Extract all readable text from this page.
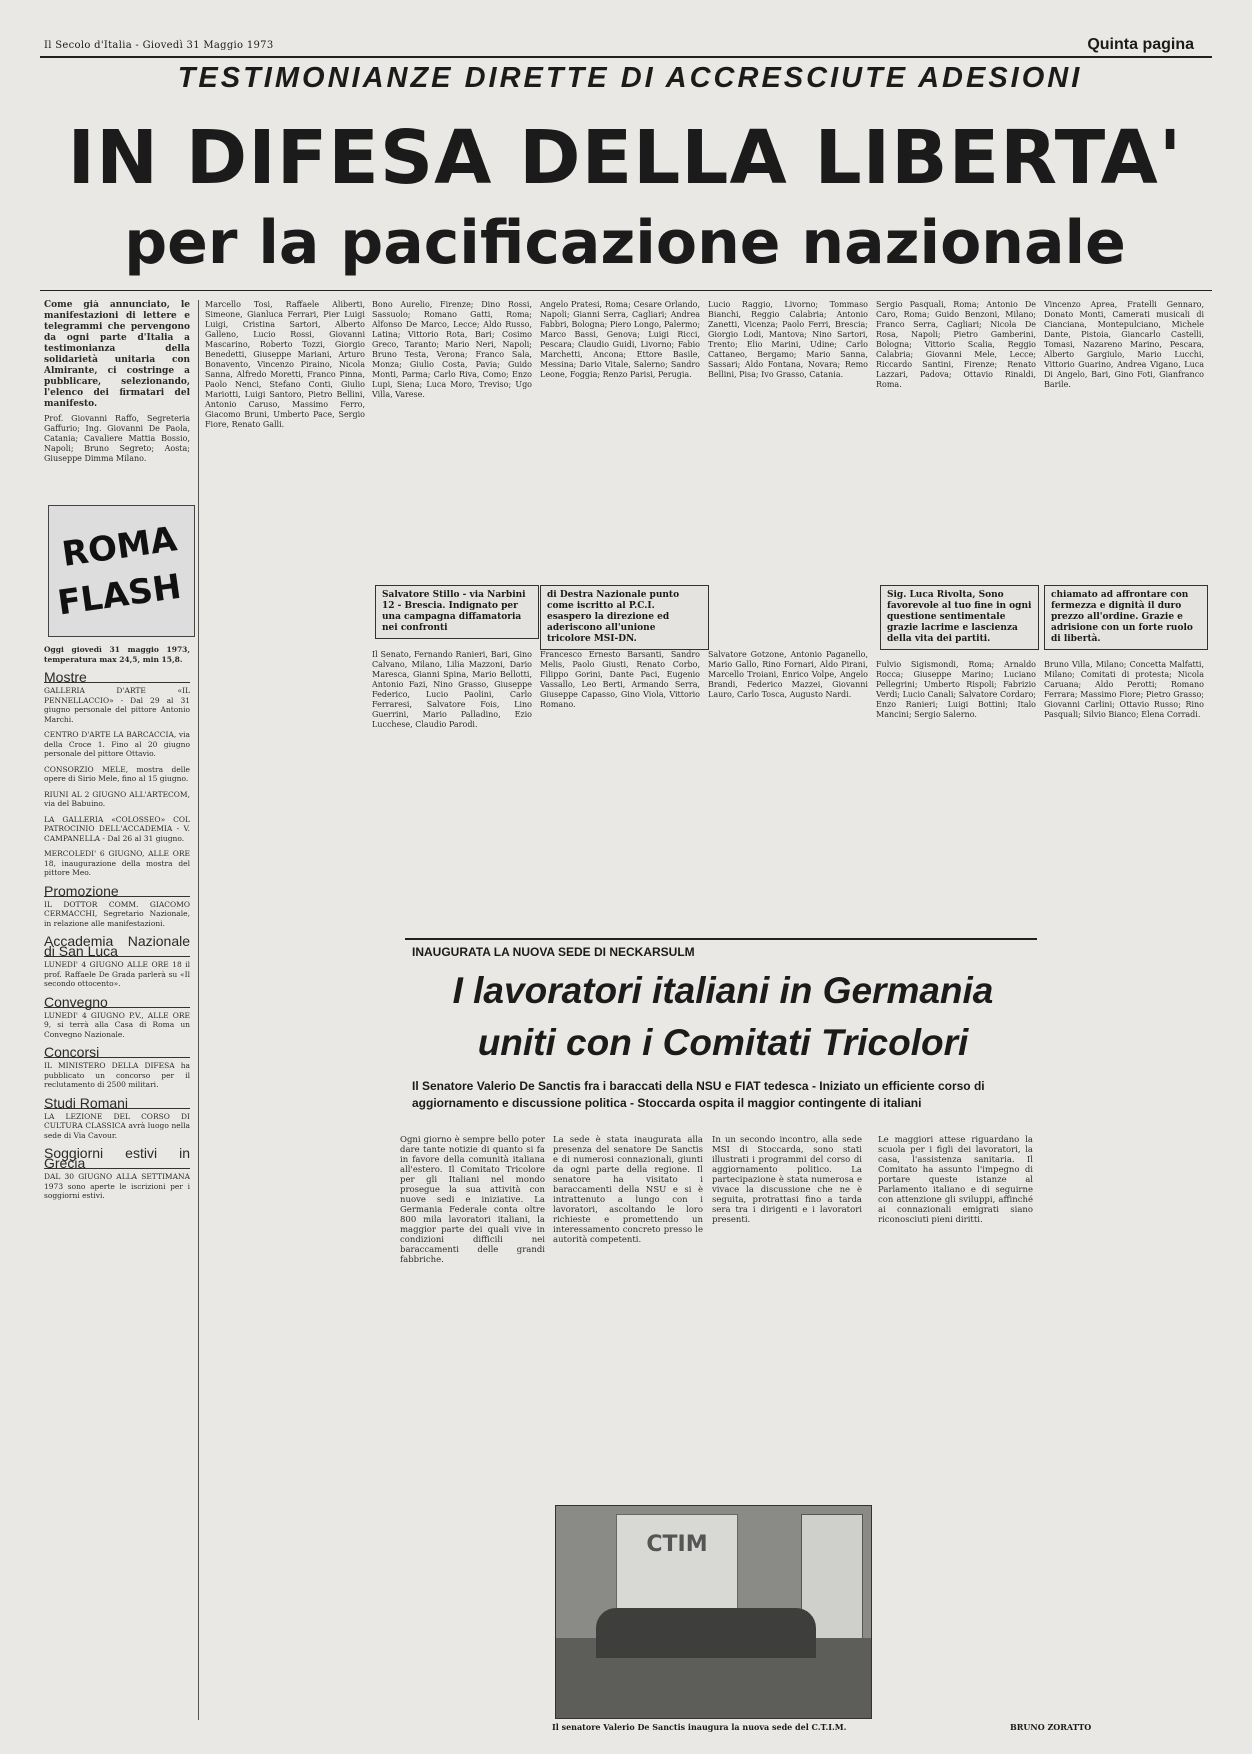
Il Secolo d'Italia - Giovedì 31 Maggio 1973	Quinta pagina
TESTIMONIANZE DIRETTE DI ACCRESCIUTE ADESIONI
IN DIFESA DELLA LIBERTA'
per la pacificazione nazionale

Come già annunciato, le manifestazioni di lettere e telegrammi che pervengono da ogni parte d'Italia a testimonianza della solidarietà unitaria con Almirante, ci costringe a pubblicare, selezionando, l'elenco dei firmatari del manifesto.

Prof. Giovanni Raffo, Segreteria Gaffurio; Ing. Giovanni De Paola, Catania; Cavaliere Mattia Bossio, Napoli; Bruno Segreto; Aosta; Giuseppe Dimma Milano.

ROMA
FLASH

Oggi giovedì 31 maggio 1973, temperatura max 24,5, min 15,8.

Mostre

GALLERIA D'ARTE «IL PENNELLACCIO» - Dal 29 al 31 giugno personale del pittore Antonio Marchi.

CENTRO D'ARTE LA BARCACCIA, via della Croce 1. Fino al 20 giugno personale del pittore Ottavio.

CONSORZIO MELE, mostra delle opere di Sirio Mele, fino al 15 giugno.

RIUNI AL 2 GIUGNO ALL'ARTECOM, via del Babuino.

LA GALLERIA «COLOSSEO» COL PATROCINIO DELL'ACCADEMIA - V. CAMPANELLA - Dal 26 al 31 giugno.

MERCOLEDI' 6 GIUGNO, ALLE ORE 18, inaugurazione della mostra del pittore Meo.

Promozione

IL DOTTOR COMM. GIACOMO CERMACCHI, Segretario Nazionale, in relazione alle manifestazioni.

Accademia Nazionale di San Luca

LUNEDI' 4 GIUGNO ALLE ORE 18 il prof. Raffaele De Grada parlerà su «Il secondo ottocento».

Convegno

LUNEDI' 4 GIUGNO P.V., ALLE ORE 9, si terrà alla Casa di Roma un Convegno Nazionale.

Concorsi

IL MINISTERO DELLA DIFESA ha pubblicato un concorso per il reclutamento di 2500 militari.

Studi Romani

LA LEZIONE DEL CORSO DI CULTURA CLASSICA avrà luogo nella sede di Via Cavour.

Soggiorni estivi in Grecia

DAL 30 GIUGNO ALLA SETTIMANA 1973 sono aperte le iscrizioni per i soggiorni estivi.

Marcello Tosi, Raffaele Aliberti, Simeone, Gianluca Ferrari, Pier Luigi Luigi, Cristina Sartori, Alberto Galleno, Lucio Rossi, Giovanni Mascarino, Roberto Tozzi, Giorgio Benedetti, Giuseppe Mariani, Arturo Bonavento, Vincenzo Piraino, Nicola Sanna, Alfredo Moretti, Franco Pinna, Paolo Nenci, Stefano Conti, Giulio Mariotti, Luigi Santoro, Pietro Bellini, Antonio Caruso, Massimo Ferro, Giacomo Bruni, Umberto Pace, Sergio Fiore, Renato Galli.
Bono Aurelio, Firenze; Dino Rossi, Sassuolo; Romano Gatti, Roma; Alfonso De Marco, Lecce; Aldo Russo, Latina; Vittorio Rota, Bari; Cosimo Greco, Taranto; Mario Neri, Napoli; Bruno Testa, Verona; Franco Sala, Monza; Giulio Costa, Pavia; Guido Monti, Parma; Carlo Riva, Como; Enzo Lupi, Siena; Luca Moro, Treviso; Ugo Villa, Varese.
Angelo Pratesi, Roma; Cesare Orlando, Napoli; Gianni Serra, Cagliari; Andrea Fabbri, Bologna; Piero Longo, Palermo; Marco Bassi, Genova; Luigi Ricci, Pescara; Claudio Guidi, Livorno; Fabio Marchetti, Ancona; Ettore Basile, Messina; Dario Vitale, Salerno; Sandro Leone, Foggia; Renzo Parisi, Perugia.
Lucio Raggio, Livorno; Tommaso Bianchi, Reggio Calabria; Antonio Zanetti, Vicenza; Paolo Ferri, Brescia; Giorgio Lodi, Mantova; Nino Sartori, Trento; Elio Marini, Udine; Carlo Cattaneo, Bergamo; Mario Sanna, Sassari; Aldo Fontana, Novara; Remo Bellini, Pisa; Ivo Grasso, Catania.
Sergio Pasquali, Roma; Antonio De Caro, Roma; Guido Benzoni, Milano; Franco Serra, Cagliari; Nicola De Rosa, Napoli; Pietro Gamberini, Bologna; Vittorio Scalia, Reggio Calabria; Giovanni Mele, Lecce; Riccardo Santini, Firenze; Renato Lazzari, Padova; Ottavio Rinaldi, Roma.
Vincenzo Aprea, Fratelli Gennaro, Donato Monti, Camerati musicali di Cianciana, Montepulciano, Michele Dante, Pistoia, Giancarlo Castelli, Tomasi, Nazareno Marino, Pescara, Alberto Gargiulo, Mario Lucchi, Vittorio Guarino, Andrea Vigano, Luca Di Angelo, Bari, Gino Foti, Gianfranco Barile.
Salvatore Stillo - via Narbini 12 - Brescia. Indignato per una campagna diffamatoria nei confronti
di Destra Nazionale punto come iscritto al P.C.I. esaspero la direzione ed aderiscono all'unione tricolore MSI-DN.
Sig. Luca Rivolta, Sono favorevole al tuo fine in ogni questione sentimentale grazie lacrime e lascienza della vita dei partiti.
chiamato ad affrontare con fermezza e dignità il duro prezzo all'ordine. Grazie e adrisione con un forte ruolo di libertà.
Il Senato, Fernando Ranieri, Bari, Gino Calvano, Milano, Lilia Mazzoni, Dario Maresca, Gianni Spina, Mario Bellotti, Antonio Fazi, Nino Grasso, Giuseppe Federico, Lucio Paolini, Carlo Ferraresi, Salvatore Fois, Lino Guerrini, Mario Palladino, Ezio Lucchese, Claudio Parodi.
Francesco Ernesto Barsanti, Sandro Melis, Paolo Giusti, Renato Corbo, Filippo Gorini, Dante Paci, Eugenio Vassallo, Leo Berti, Armando Serra, Giuseppe Capasso, Gino Viola, Vittorio Romano.
Salvatore Gotzone, Antonio Paganello, Mario Gallo, Rino Fornari, Aldo Pirani, Marcello Troiani, Enrico Volpe, Angelo Brandi, Federico Mazzei, Giovanni Lauro, Carlo Tosca, Augusto Nardi.
Fulvio Sigismondi, Roma; Arnaldo Rocca; Giuseppe Marino; Luciano Pellegrini; Umberto Rispoli; Fabrizio Verdi; Lucio Canali; Salvatore Cordaro; Enzo Ranieri; Luigi Bottini; Italo Mancini; Sergio Salerno.
Bruno Villa, Milano; Concetta Malfatti, Milano; Comitati di protesta; Nicola Caruana; Aldo Perotti; Romano Ferrara; Massimo Fiore; Pietro Grasso; Giovanni Carlini; Ottavio Russo; Rino Pasquali; Silvio Bianco; Elena Corradi.
INAUGURATA LA NUOVA SEDE DI NECKARSULM
I lavoratori italiani in Germania
uniti con i Comitati Tricolori
Il Senatore Valerio De Sanctis fra i baraccati della NSU e FIAT tedesca - Iniziato un efficiente corso di aggiornamento e discussione politica - Stoccarda ospita il maggior contingente di italiani
Ogni giorno è sempre bello poter dare tante notizie di quanto si fa in favore della comunità italiana all'estero. Il Comitato Tricolore per gli Italiani nel mondo prosegue la sua attività con nuove sedi e iniziative. La Germania Federale conta oltre 800 mila lavoratori italiani, la maggior parte dei quali vive in condizioni difficili nei baraccamenti delle grandi fabbriche.
La sede è stata inaugurata alla presenza del senatore De Sanctis e di numerosi connazionali, giunti da ogni parte della regione. Il senatore ha visitato i baraccamenti della NSU e si è intrattenuto a lungo con i lavoratori, ascoltando le loro richieste e promettendo un interessamento concreto presso le autorità competenti.
In un secondo incontro, alla sede MSI di Stoccarda, sono stati illustrati i programmi del corso di aggiornamento politico. La partecipazione è stata numerosa e vivace la discussione che ne è seguita, protrattasi fino a tarda sera tra i dirigenti e i lavoratori presenti.
Le maggiori attese riguardano la scuola per i figli dei lavoratori, la casa, l'assistenza sanitaria. Il Comitato ha assunto l'impegno di portare queste istanze al Parlamento italiano e di seguirne con attenzione gli sviluppi, affinché ai connazionali emigrati siano riconosciuti pieni diritti.
CTIM
Il senatore Valerio De Sanctis inaugura la nuova sede del C.T.I.M.	BRUNO ZORATTO
